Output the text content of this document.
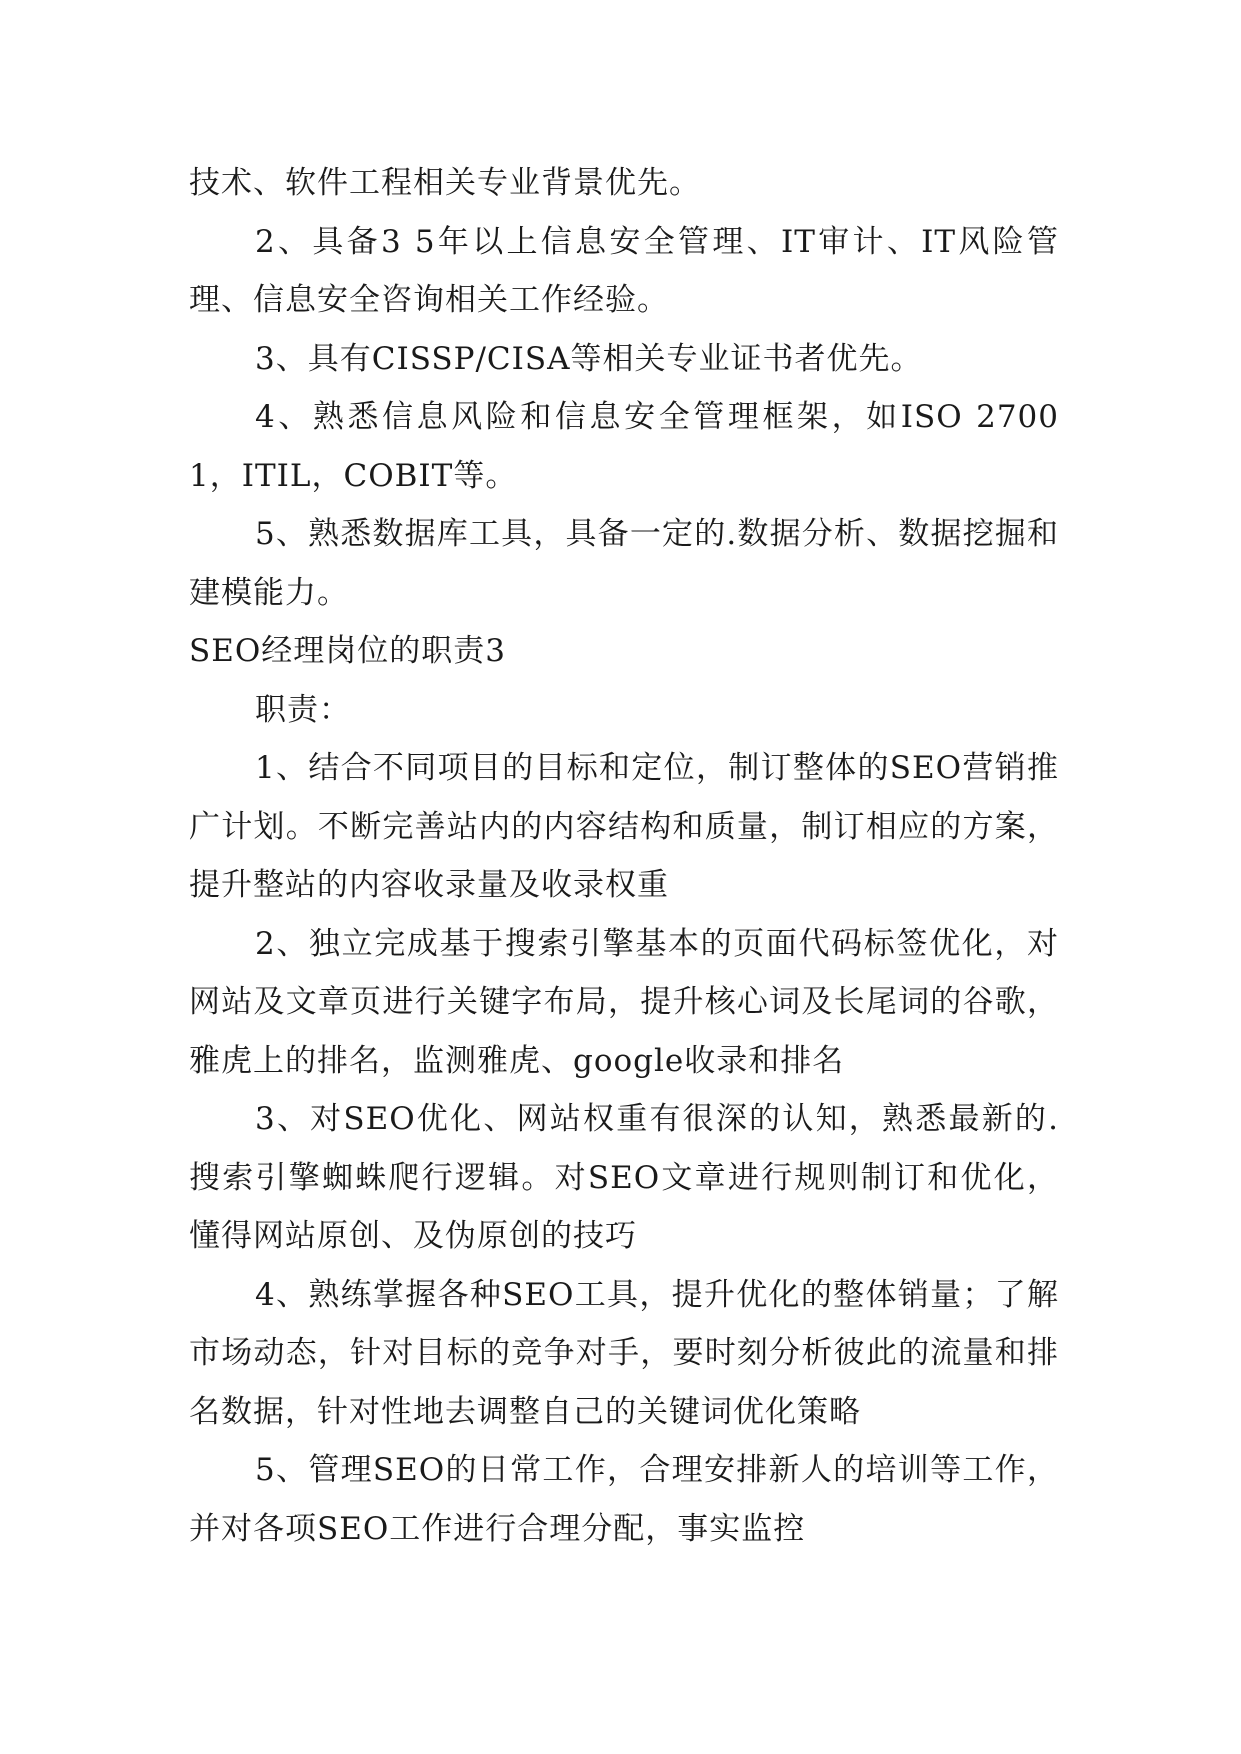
技术、软件工程相关专业背景优先。

2、具备3 5年以上信息安全管理、IT审计、IT风险管理、信息安全咨询相关工作经验。

3、具有CISSP/CISA等相关专业证书者优先。

4、熟悉信息风险和信息安全管理框架，如ISO 27001，ITIL，COBIT等。

5、熟悉数据库工具，具备一定的.数据分析、数据挖掘和建模能力。

SEO经理岗位的职责3

职责：

1、结合不同项目的目标和定位，制订整体的SEO营销推广计划。不断完善站内的内容结构和质量，制订相应的方案，提升整站的内容收录量及收录权重

2、独立完成基于搜索引擎基本的页面代码标签优化，对网站及文章页进行关键字布局，提升核心词及长尾词的谷歌，雅虎上的排名，监测雅虎、google收录和排名

3、对SEO优化、网站权重有很深的认知，熟悉最新的.搜索引擎蜘蛛爬行逻辑。对SEO文章进行规则制订和优化，懂得网站原创、及伪原创的技巧

4、熟练掌握各种SEO工具，提升优化的整体销量；了解市场动态，针对目标的竞争对手，要时刻分析彼此的流量和排名数据，针对性地去调整自己的关键词优化策略

5、管理SEO的日常工作，合理安排新人的培训等工作，并对各项SEO工作进行合理分配，事实监控
